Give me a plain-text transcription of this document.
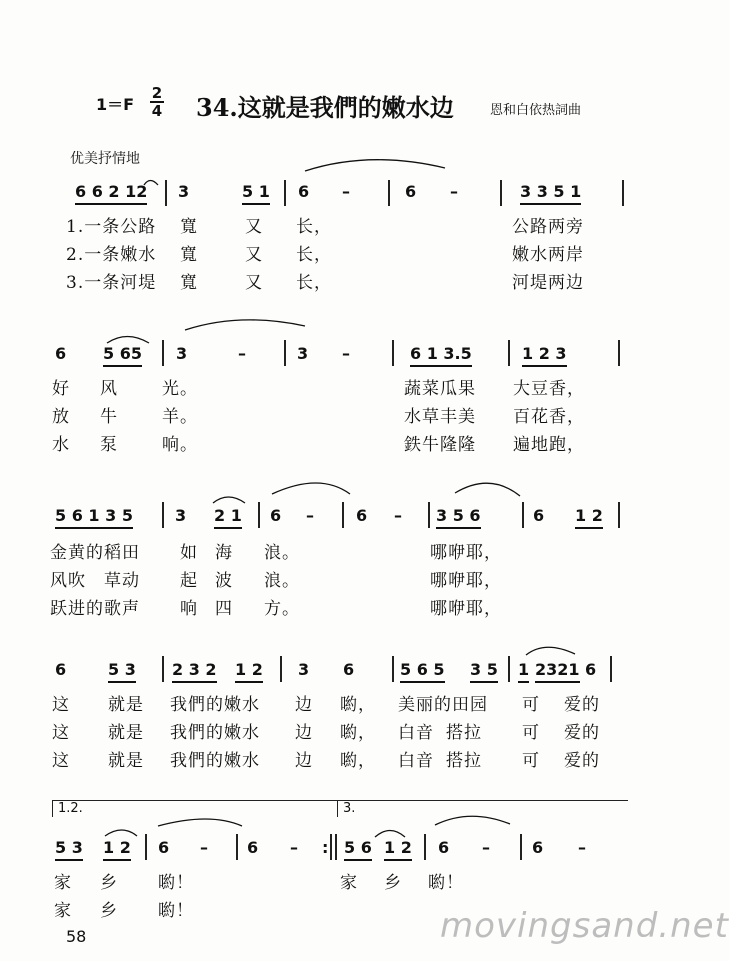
1＝F
2
4 34.这就是我們的嫩水边	恩和白依热詞曲
优美抒情地
6 6 2 12 3	5 1 6 –	6 –	3 3 5 1
1.一条公路 寬	又 长，	公路两旁
2.一条嫩水 寬	又 长，	嫩水两岸
3.一条河堤 寬	又 长，	河堤两边
6 5 65 3	–	3 –	6 1 3.5	1 2 3
好 风	光。	蔬菜瓜果 大豆香，
放 牛	羊。	水草丰美 百花香，
水 泵	响。	鉄牛隆隆 遍地跑，
5 6 1 3 5	3 2 1 6 –	6 – 3 5 6	6 1 2
金黄的稻田 如 海 浪。	哪咿耶，
风吹 草动 起 波 浪。	哪咿耶，
跃进的歌声 响 四 方。	哪咿耶，
6	5 3 2 3 2 1 2 3 6	5 6 5 3 5 1 2321 6
这 就是 我們的嫩水 边 喲， 美丽的田园 可 爱的
这 就是 我們的嫩水 边 喲， 白音 搭拉 可 爱的
这 就是 我們的嫩水 边 喲， 白音 搭拉 可 爱的
1.2.	3.
5 3 1 2 6 – 6 – : 5 6 1 2 6 –	6 –
家 乡 喲！	家 乡 喲！
家 乡 喲！
58	movingsand.net
